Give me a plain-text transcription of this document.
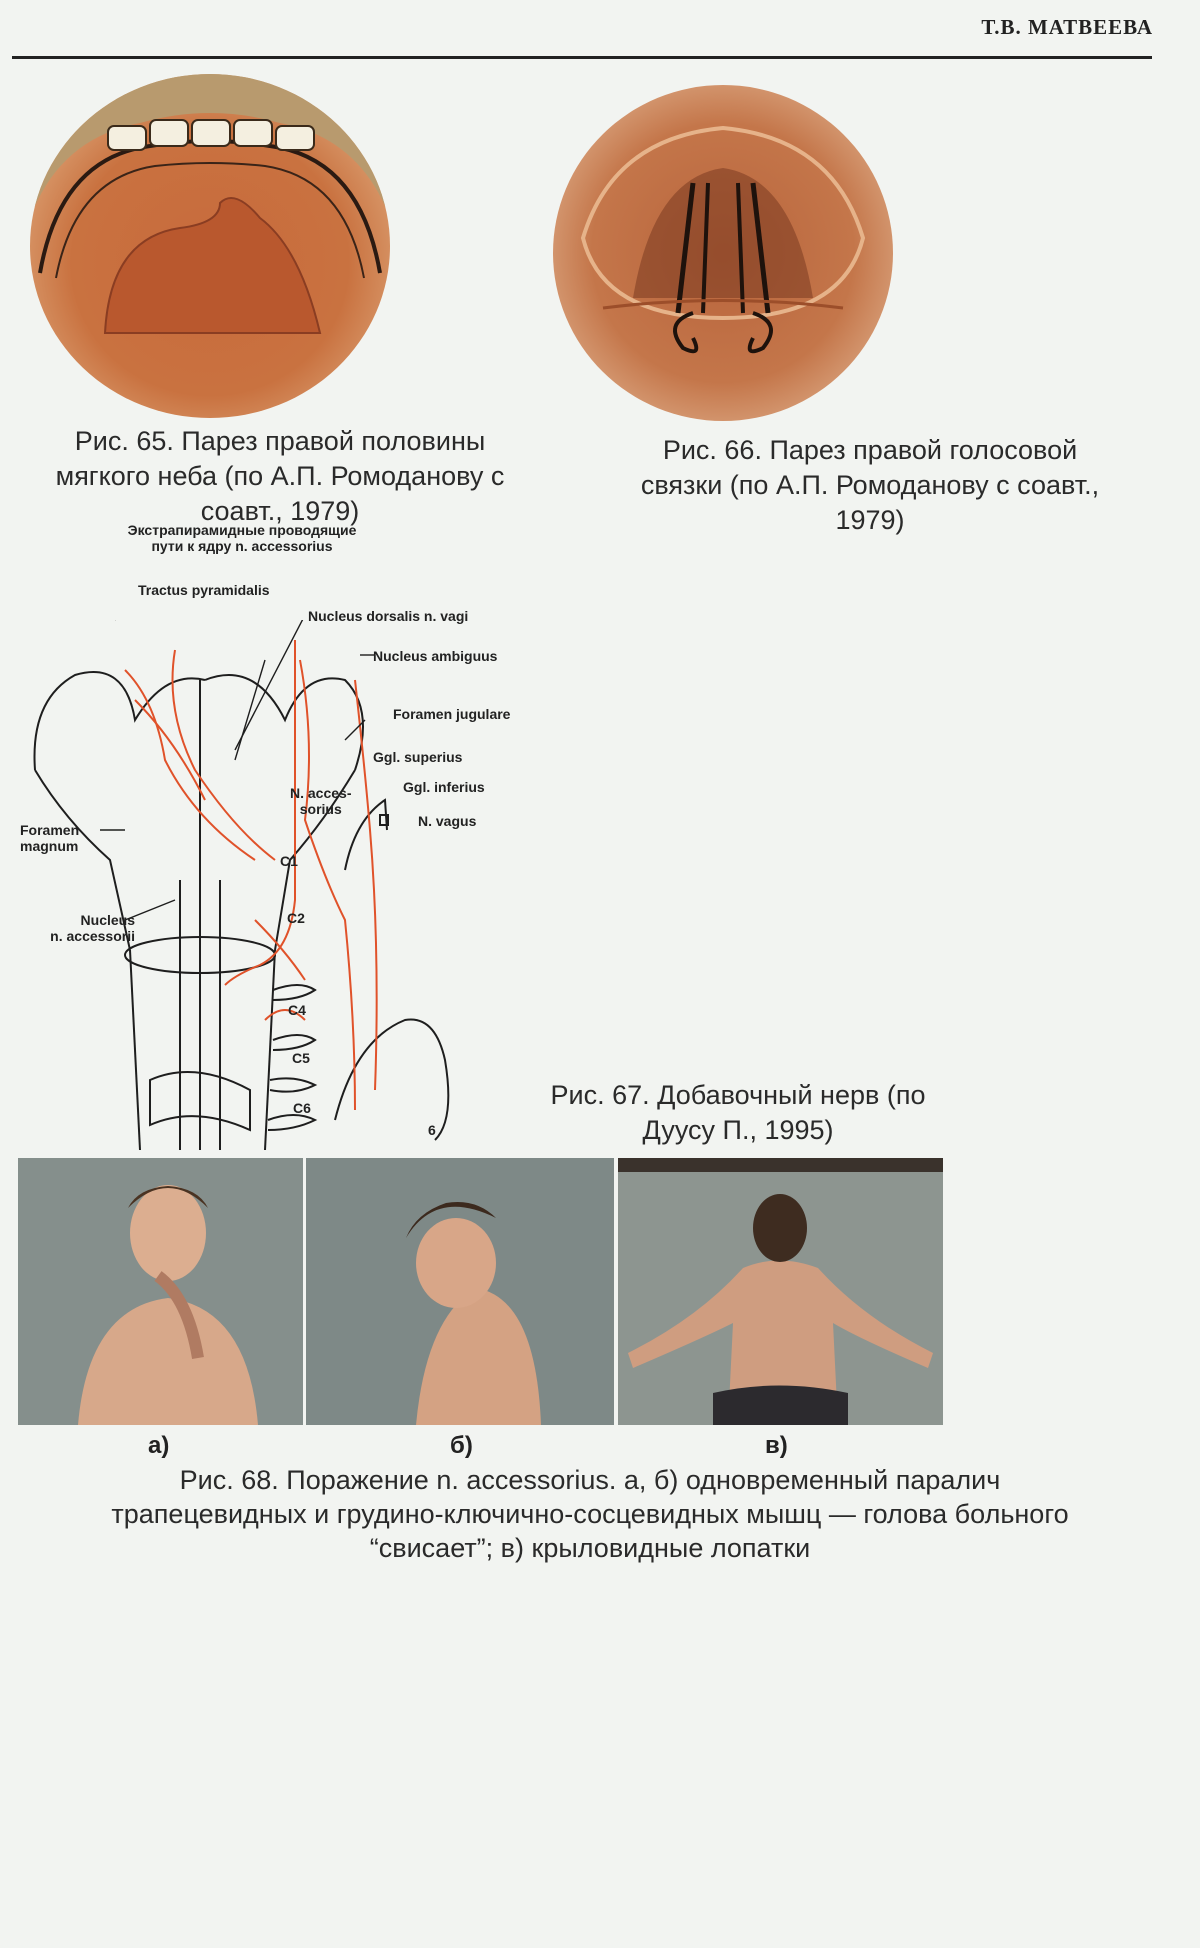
Т.В. МАТВЕЕВА
Рис. 65. Парез правой половины
мягкого неба (по А.П. Ромоданову с
соавт., 1979)
Рис. 66. Парез правой голосовой
связки (по А.П. Ромоданову с соавт.,
1979)
Экстрапирамидные проводящие
пути к ядру n. accessorius
Tractus pyramidalis
Nucleus dorsalis n. vagi
Nucleus ambiguus
Foramen jugulare
Ggl. superius
Ggl. inferius
N. acces-
sorius
N. vagus
Foramen
magnum
Nucleus
n. accessorii
C1
C2
C4
C5
C6
6
Рис. 67. Добавочный нерв (по
Дуусу П., 1995)
а)	б)	в)
Рис. 68. Поражение n. accessorius. а, б) одновременный паралич
трапецевидных и грудино-ключично-сосцевидных мышц — голова больного
“свисает”; в) крыловидные лопатки
